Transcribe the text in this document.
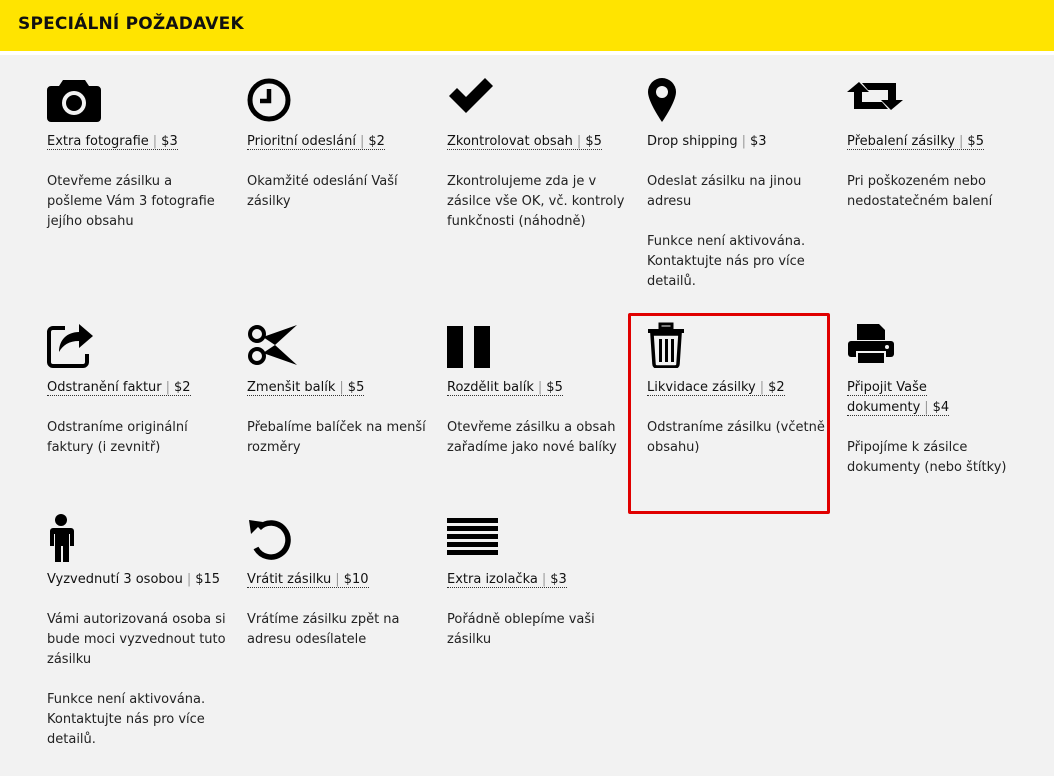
SPECIÁLNÍ POŽADAVEK
Extra fotografie | $3
Otevřeme zásilku a pošleme Vám 3 fotografie jejího obsahu
Prioritní odeslání | $2
Okamžité odeslání Vaší zásilky
Zkontrolovat obsah | $5
Zkontrolujeme zda je v zásilce vše OK, vč. kontroly funkčnosti (náhodně)
Drop shipping | $3
Odeslat zásilku na jinou adresu
Funkce není aktivována. Kontaktujte nás pro více detailů.
Přebalení zásilky | $5
Pri poškozeném nebo nedostatečném balení
Odstranění faktur | $2
Odstraníme originální faktury (i zevnitř)
Zmenšit balík | $5
Přebalíme balíček na menší rozměry
Rozdělit balík | $5
Otevřeme zásilku a obsah zařadíme jako nové balíky
Likvidace zásilky | $2
Odstraníme zásilku (včetně obsahu)
Připojit Vaše dokumenty | $4
Připojíme k zásilce dokumenty (nebo štítky)
Vyzvednutí 3 osobou | $15
Vámi autorizovaná osoba si bude moci vyzvednout tuto zásilku
Funkce není aktivována. Kontaktujte nás pro více detailů.
Vrátit zásilku | $10
Vrátíme zásilku zpět na adresu odesílatele
Extra izolačka | $3
Pořádně oblepíme vaši zásilku
